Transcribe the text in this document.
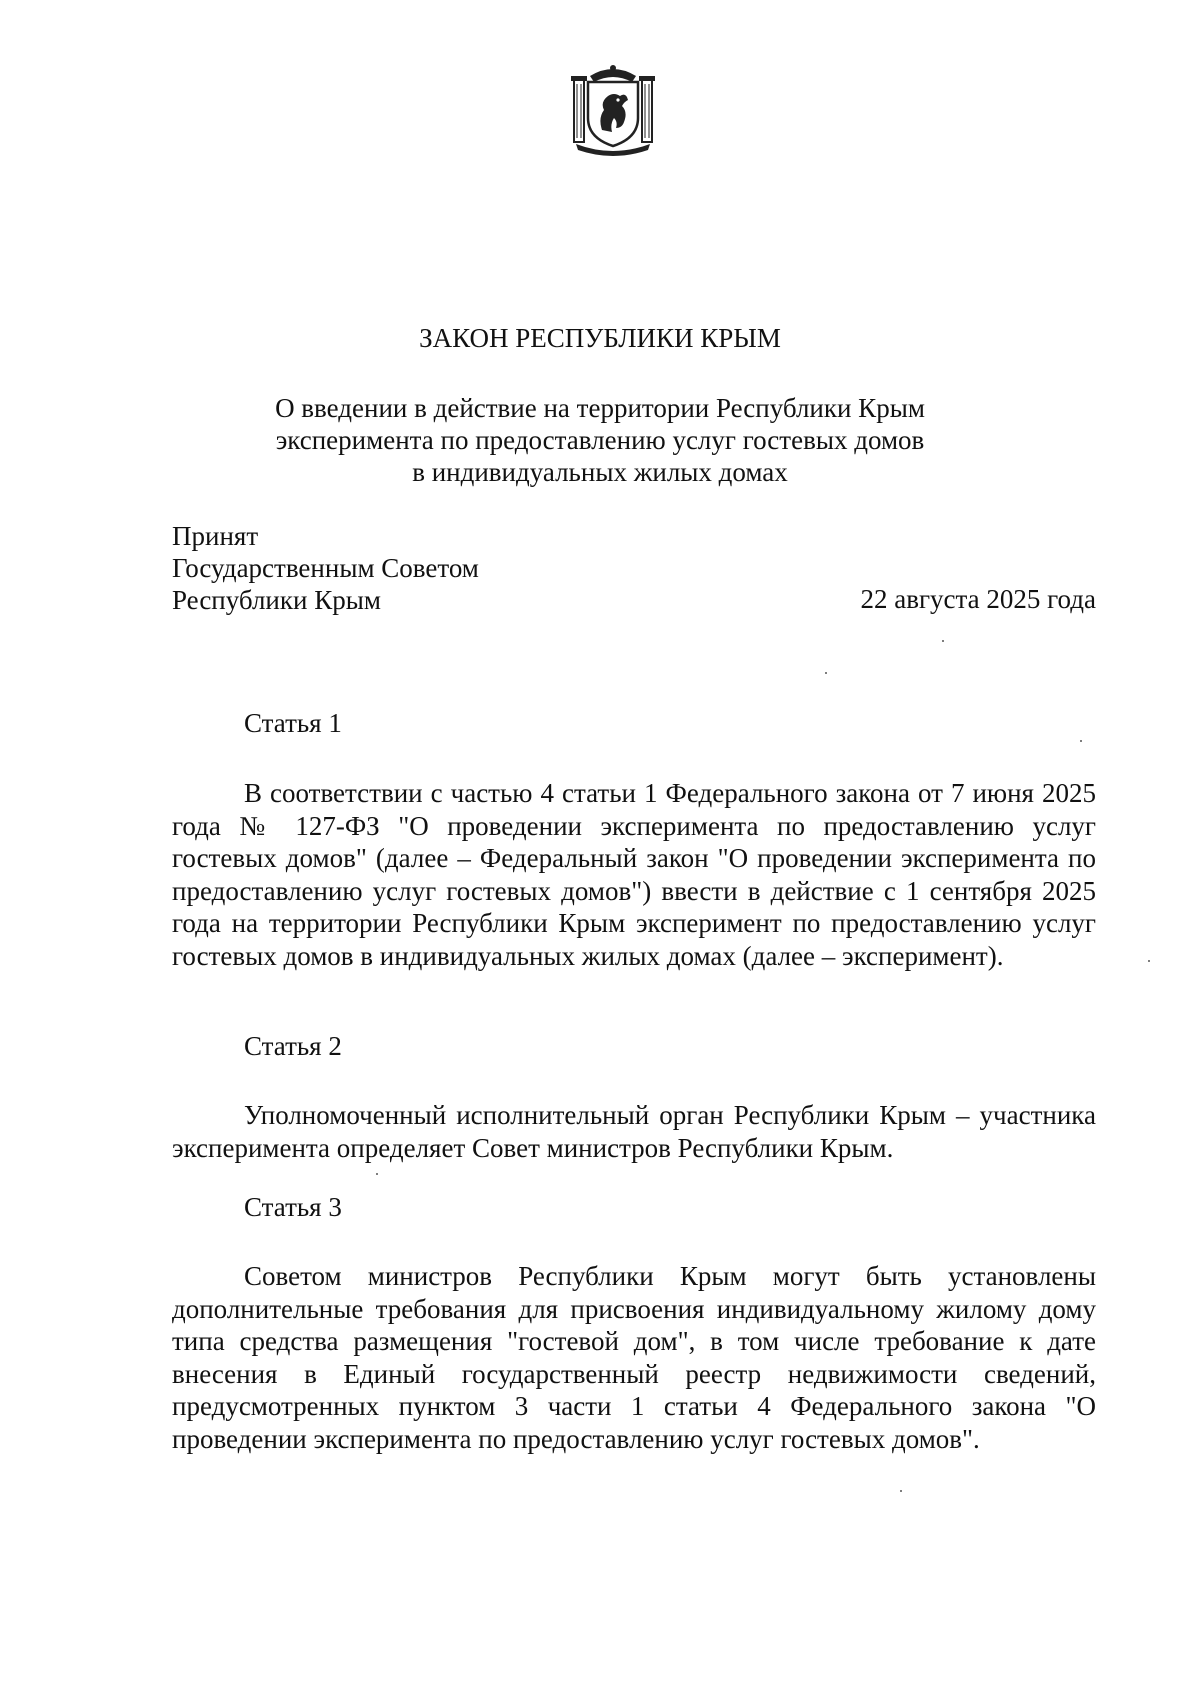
ЗАКОН РЕСПУБЛИКИ КРЫМ
О введении в действие на территории Республики Крым
эксперимента по предоставлению услуг гостевых домов
в индивидуальных жилых домах
Принят
Государственным Советом
Республики Крым	22 августа 2025 года
Статья 1
В соответствии с частью 4 статьи 1 Федерального закона от 7 июня 2025 года № 127-ФЗ "О проведении эксперимента по предоставлению услуг гостевых домов" (далее – Федеральный закон "О проведении эксперимента по предоставлению услуг гостевых домов") ввести в действие с 1 сентября 2025 года на территории Республики Крым эксперимент по предоставлению услуг гостевых домов в индивидуальных жилых домах (далее – эксперимент).
Статья 2
Уполномоченный исполнительный орган Республики Крым – участника эксперимента определяет Совет министров Республики Крым.
Статья 3
Советом министров Республики Крым могут быть установлены дополнительные требования для присвоения индивидуальному жилому дому типа средства размещения "гостевой дом", в том числе требование к дате внесения в Единый государственный реестр недвижимости сведений, предусмотренных пунктом 3 части 1 статьи 4 Федерального закона "О проведении эксперимента по предоставлению услуг гостевых домов".
